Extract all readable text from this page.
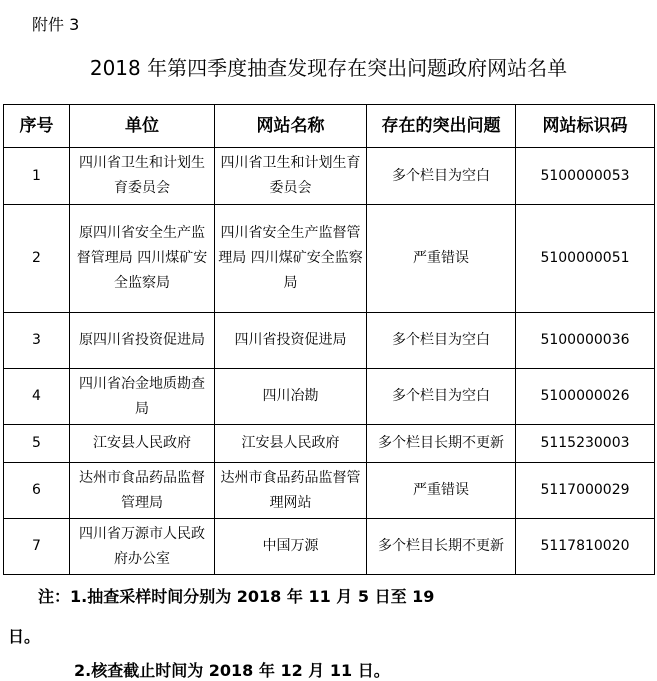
附件 3
2018 年第四季度抽查发现存在突出问题政府网站名单
序号	单位	网站名称	存在的突出问题	网站标识码
1	四川省卫生和计划生育委员会	四川省卫生和计划生育委员会	多个栏目为空白	5100000053
2	原四川省安全生产监督管理局 四川煤矿安全监察局	四川省安全生产监督管理局 四川煤矿安全监察局	严重错误	5100000051
3	原四川省投资促进局	四川省投资促进局	多个栏目为空白	5100000036
4	四川省冶金地质勘查局	四川冶勘	多个栏目为空白	5100000026
5	江安县人民政府	江安县人民政府	多个栏目长期不更新	5115230003
6	达州市食品药品监督管理局	达州市食品药品监督管理网站	严重错误	5117000029
7	四川省万源市人民政府办公室	中国万源	多个栏目长期不更新	5117810020
注：1.抽查采样时间分别为 2018 年 11 月 5 日至 19
日。
2.核查截止时间为 2018 年 12 月 11 日。
